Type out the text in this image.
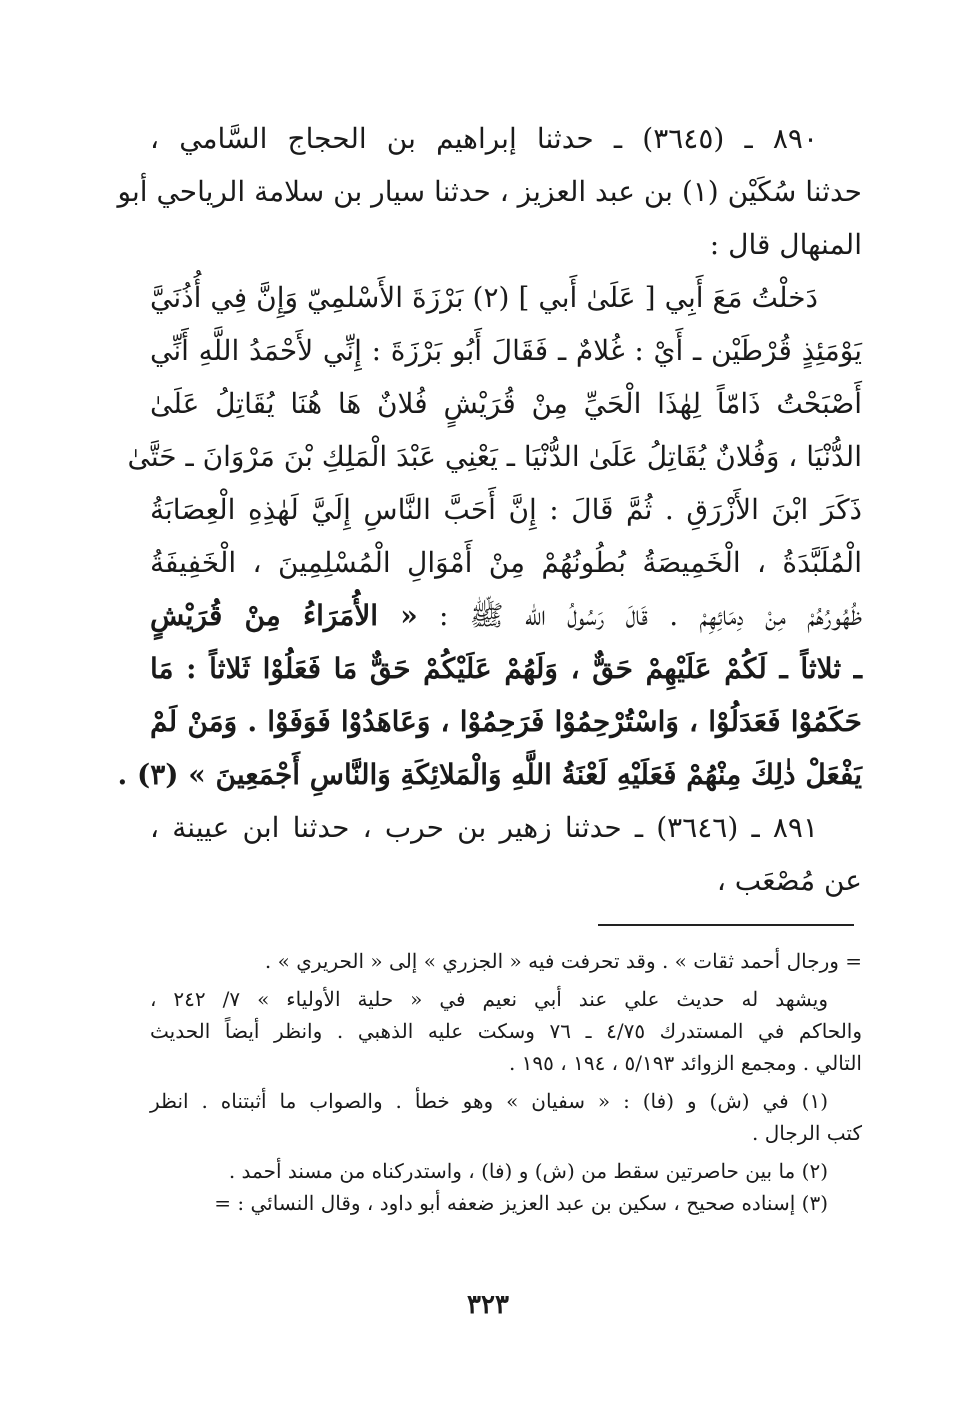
٨٩٠ ـ (٣٦٤٥) ـ حدثنا إبراهيم بن الحجاج السَّامي ،
حدثنا سُكَيْن (١) بن عبد العزيز ، حدثنا سيار بن سلامة الرياحي أبو
المنهال قال :
دَخلْتُ مَعَ أَبِي [ عَلَىٰ أَبي ] (٢) بَرْزَةَ الأَسْلمِيّ وَإِنَّ فِي أُذُنَيَّ
يَوْمَئِذٍ قُرْطَيْن ـ أَيْ : غُلامٌ ـ فَقَالَ أَبُو بَرْزَةَ : إِنِّي لأَحْمَدُ اللَّهِ أَنِّي
أَصْبَحْتُ ذَامّاً لِهٰذَا الْحَيِّ مِنْ قُرَيْشٍ فُلانٌ هَا هُنَا يُقَاتِلُ عَلَىٰ
الدُّنْيَا ، وَفُلانٌ يُقَاتِلُ عَلَىٰ الدُّنْيَا ـ يَعْنِي عَبْدَ الْمَلِكِ بْنَ مَرْوَانَ ـ حَتَّىٰ
ذَكَرَ ابْنَ الأَزْرَقِ . ثُمَّ قَالَ : إِنَّ أَحَبَّ النَّاسِ إِلَيَّ لَهٰذِهِ الْعِصَابَةُ
الْمُلَبَّدَةُ ، الْخَمِيصَةُ بُطُونُهُمْ مِنْ أَمْوَالِ الْمُسْلِمِينَ ، الْخَفِيفَةُ
ظُهُورُهُمْ مِنْ دِمَائِهِمْ . قَالَ رَسُولُ الله ﷺ : « الأُمَرَاءُ مِنْ قُرَيْشٍ
ـ ثلاثاً ـ لَكُمْ عَلَيْهِمْ حَقٌّ ، وَلَهُمْ عَلَيْكُمْ حَقٌّ مَا فَعَلُوْا ثَلاثاً : مَا
حَكَمُوْا فَعَدَلُوْا ، وَاسْتُرْحِمُوْا فَرَحِمُوْا ، وَعَاهَدُوْا فَوَفَوْا . وَمَنْ لَمْ
يَفْعَلْ ذٰلِكَ مِنْهُمْ فَعَلَيْهِ لَعْنَةُ اللَّهِ وَالْمَلائِكَةِ وَالنَّاسِ أَجْمَعِينَ » (٣) .
٨٩١ ـ (٣٦٤٦) ـ حدثنا زهير بن حرب ، حدثنا ابن عيينة ،
عن مُصْعَب ،
= ورجال أحمد ثقات » . وقد تحرفت فيه « الجزري » إلى « الحريري » .
ويشهد له حديث علي عند أبي نعيم في « حلية الأولياء » ٧/ ٢٤٢ ،
والحاكم في المستدرك ٤/٧٥ ـ ٧٦ وسكت عليه الذهبي . وانظر أيضاً الحديث
التالي . ومجمع الزوائد ٥/١٩٣ ، ١٩٤ ، ١٩٥ .
(١) في (ش) و (فا) : « سفيان » وهو خطأ . والصواب ما أثبتناه . انظر
كتب الرجال .
(٢) ما بين حاصرتين سقط من (ش) و (فا) ، واستدركناه من مسند أحمد .
(٣) إسناده صحيح ، سكين بن عبد العزيز ضعفه أبو داود ، وقال النسائي : =
٣٢٣
